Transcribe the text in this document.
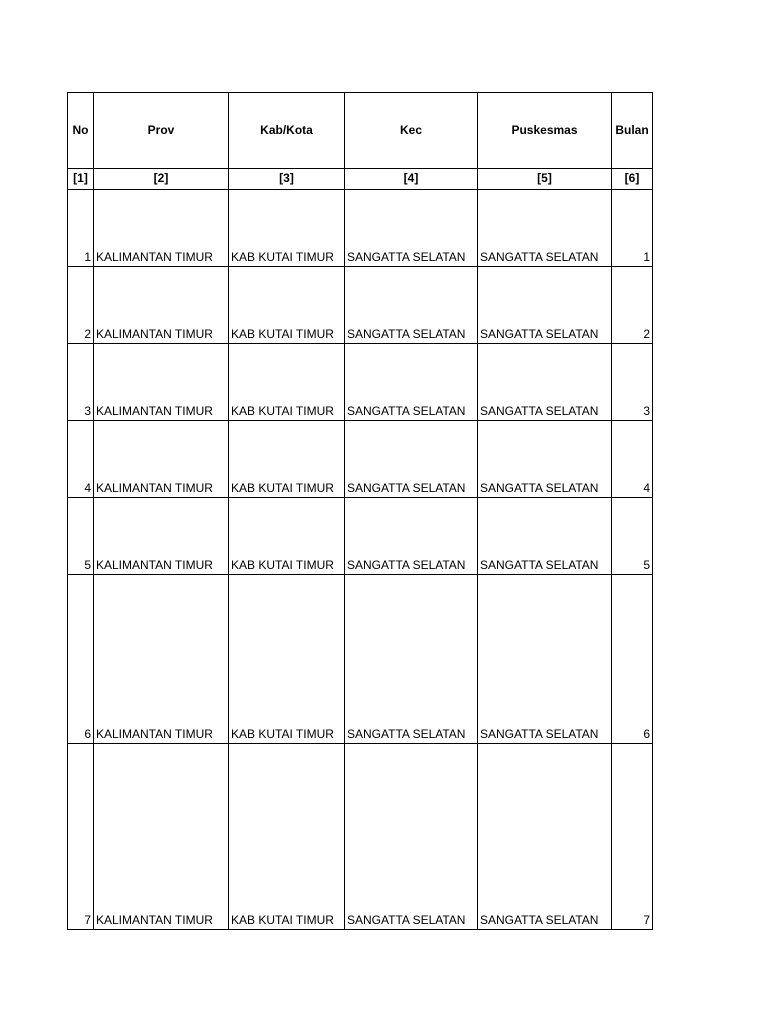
No	Prov	Kab/Kota	Kec	Puskesmas	Bulan
[1]	[2]	[3]	[4]	[5]	[6]
1	KALIMANTAN TIMUR	KAB KUTAI TIMUR	SANGATTA SELATAN	SANGATTA SELATAN	1
2	KALIMANTAN TIMUR	KAB KUTAI TIMUR	SANGATTA SELATAN	SANGATTA SELATAN	2
3	KALIMANTAN TIMUR	KAB KUTAI TIMUR	SANGATTA SELATAN	SANGATTA SELATAN	3
4	KALIMANTAN TIMUR	KAB KUTAI TIMUR	SANGATTA SELATAN	SANGATTA SELATAN	4
5	KALIMANTAN TIMUR	KAB KUTAI TIMUR	SANGATTA SELATAN	SANGATTA SELATAN	5
6	KALIMANTAN TIMUR	KAB KUTAI TIMUR	SANGATTA SELATAN	SANGATTA SELATAN	6
7	KALIMANTAN TIMUR	KAB KUTAI TIMUR	SANGATTA SELATAN	SANGATTA SELATAN	7
